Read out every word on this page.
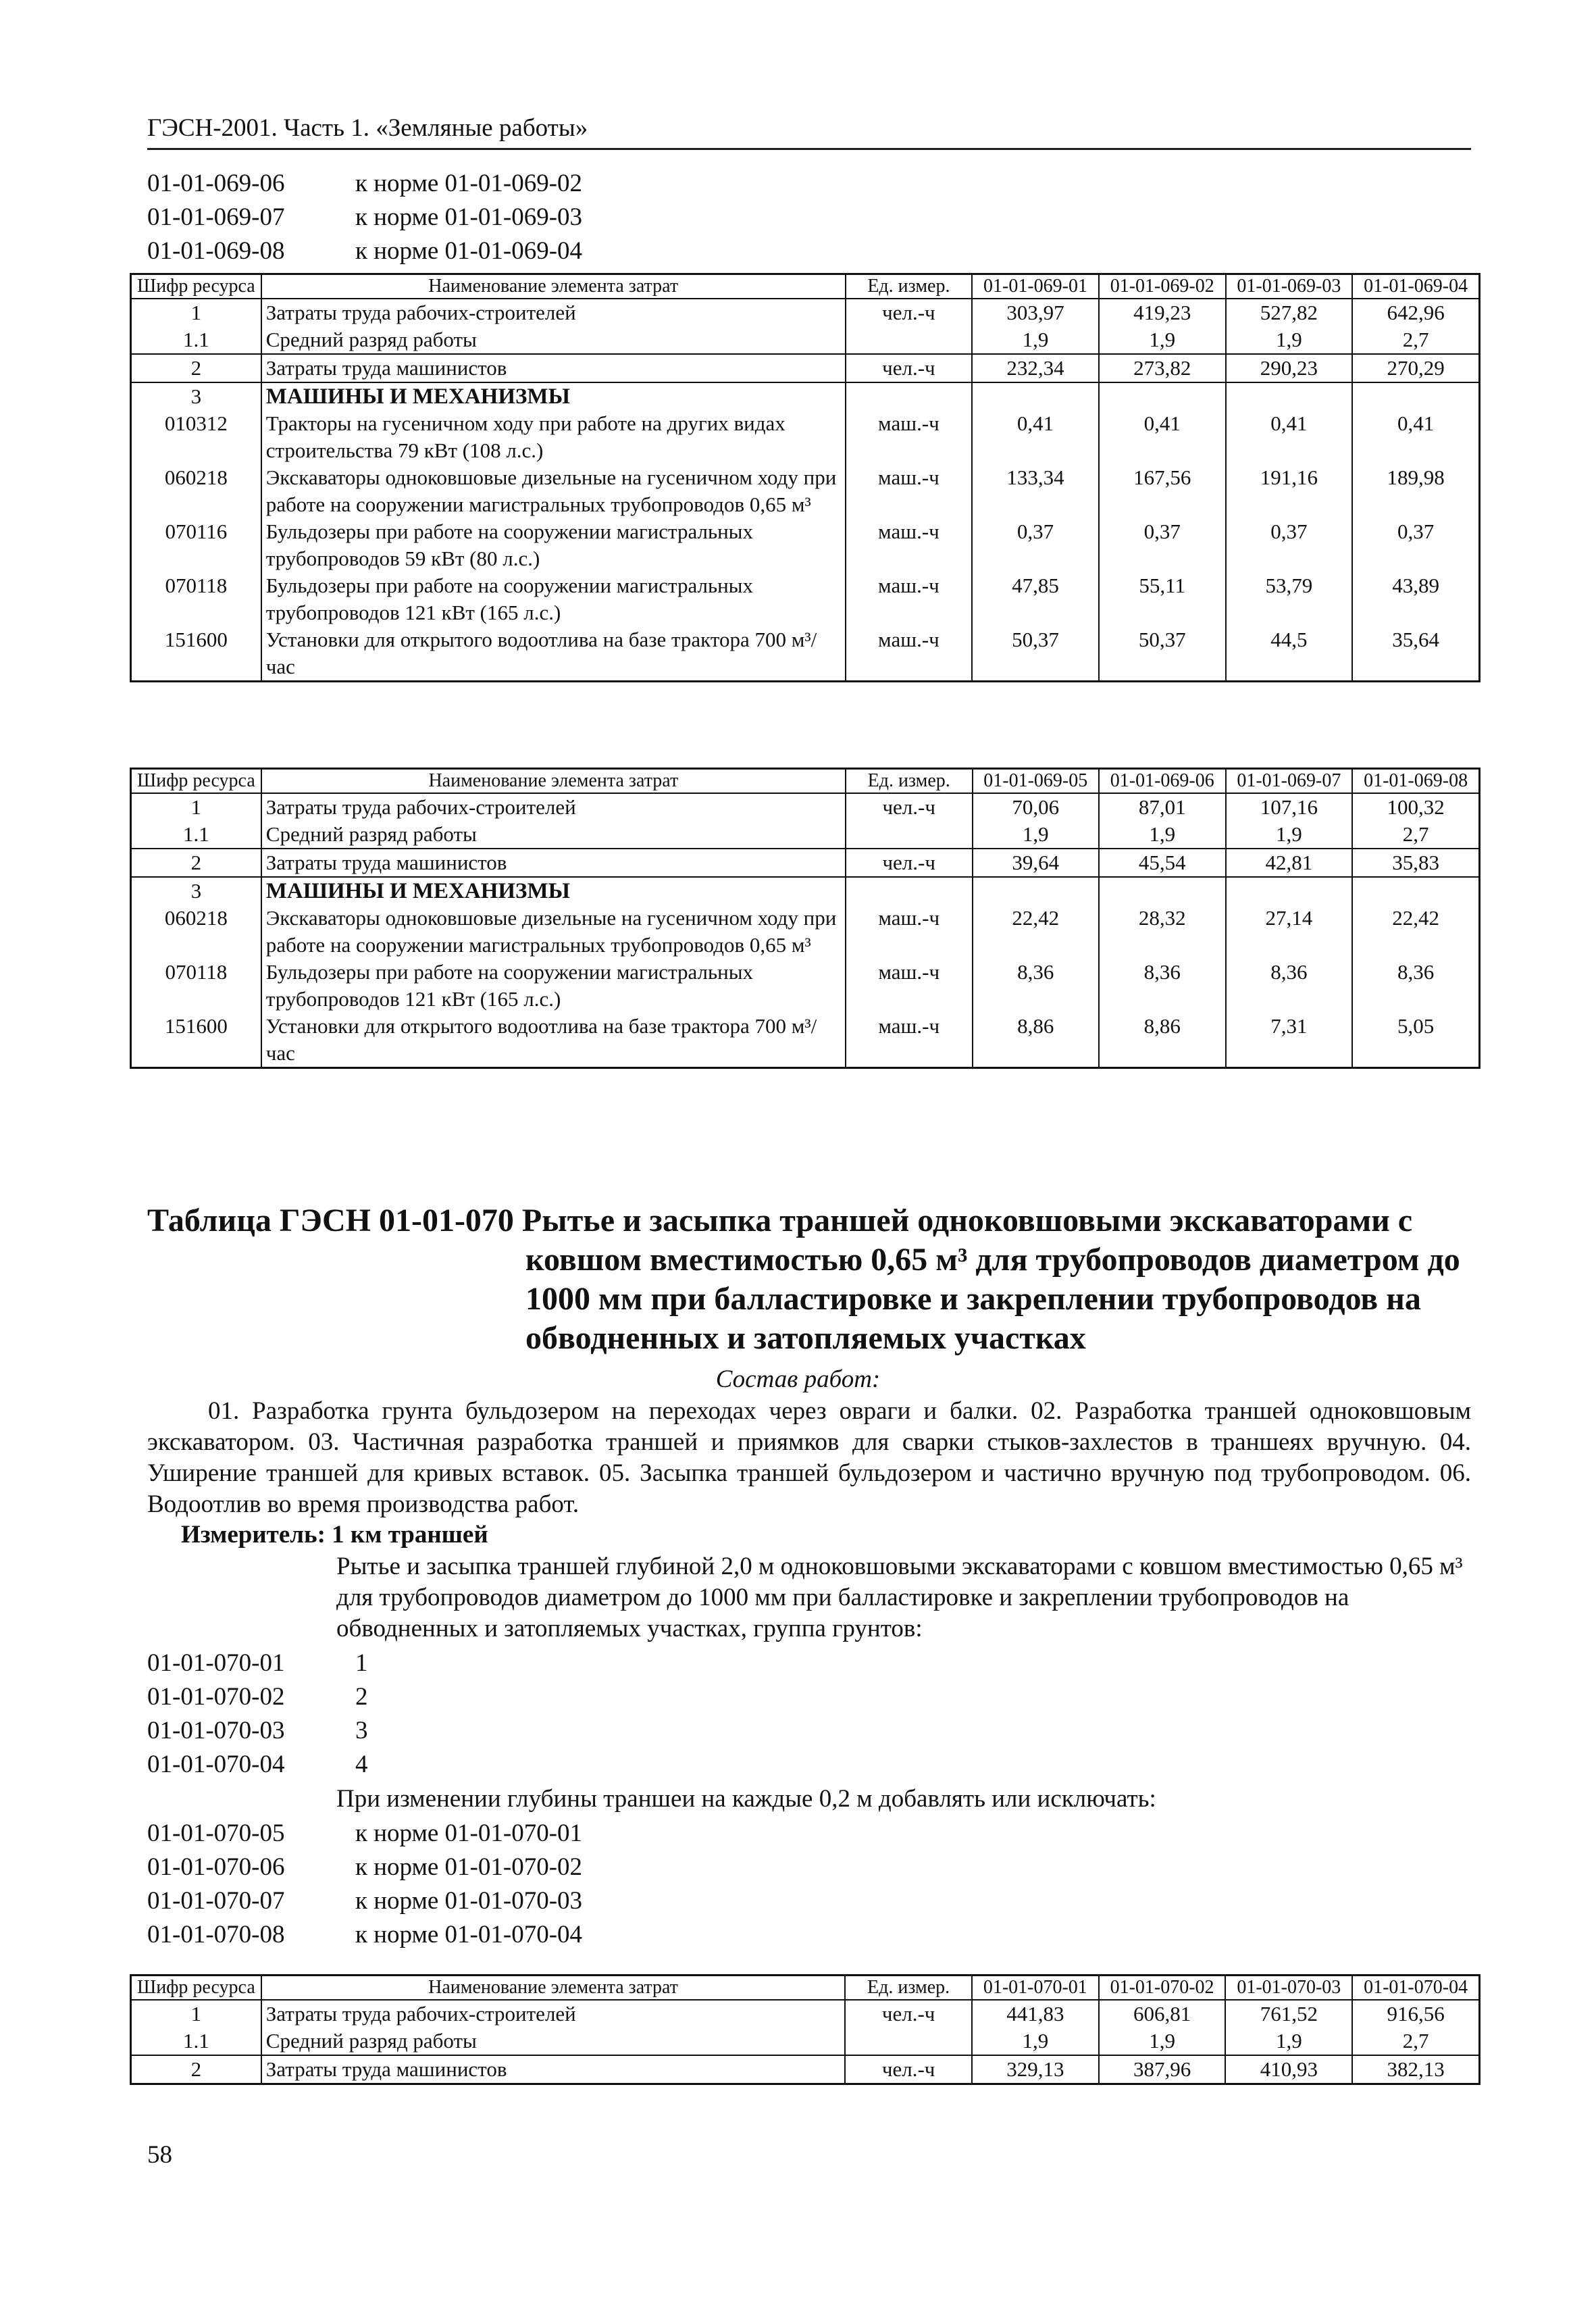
ГЭСН-2001. Часть 1. «Земляные работы»
01-01-069-06	к норме 01-01-069-02
01-01-069-07	к норме 01-01-069-03
01-01-069-08	к норме 01-01-069-04
Шифр ресурса	Наименование элемента затрат	Ед. измер.	01-01-069-01	01-01-069-02	01-01-069-03	01-01-069-04
1	Затраты труда рабочих-строителей	чел.-ч	303,97	419,23	527,82	642,96
1.1	Средний разряд работы		1,9	1,9	1,9	2,7
2	Затраты труда машинистов	чел.-ч	232,34	273,82	290,23	270,29
3	МАШИНЫ И МЕХАНИЗМЫ					
010312	Тракторы на гусеничном ходу при работе на других видах строительства 79 кВт (108 л.с.)	маш.-ч	0,41	0,41	0,41	0,41
060218	Экскаваторы одноковшовые дизельные на гусеничном ходу при работе на сооружении магистральных трубопроводов 0,65 м³	маш.-ч	133,34	167,56	191,16	189,98
070116	Бульдозеры при работе на сооружении магистральных трубопроводов 59 кВт (80 л.с.)	маш.-ч	0,37	0,37	0,37	0,37
070118	Бульдозеры при работе на сооружении магистральных трубопроводов 121 кВт (165 л.с.)	маш.-ч	47,85	55,11	53,79	43,89
151600	Установки для открытого водоотлива на базе трактора 700 м³/час	маш.-ч	50,37	50,37	44,5	35,64
Шифр ресурса	Наименование элемента затрат	Ед. измер.	01-01-069-05	01-01-069-06	01-01-069-07	01-01-069-08
1	Затраты труда рабочих-строителей	чел.-ч	70,06	87,01	107,16	100,32
1.1	Средний разряд работы		1,9	1,9	1,9	2,7
2	Затраты труда машинистов	чел.-ч	39,64	45,54	42,81	35,83
3	МАШИНЫ И МЕХАНИЗМЫ					
060218	Экскаваторы одноковшовые дизельные на гусеничном ходу при работе на сооружении магистральных трубопроводов 0,65 м³	маш.-ч	22,42	28,32	27,14	22,42
070118	Бульдозеры при работе на сооружении магистральных трубопроводов 121 кВт (165 л.с.)	маш.-ч	8,36	8,36	8,36	8,36
151600	Установки для открытого водоотлива на базе трактора 700 м³/час	маш.-ч	8,86	8,86	7,31	5,05
Таблица ГЭСН 01-01-070 Рытье и засыпка траншей одноковшовыми экскаваторами с
ковшом вместимостью 0,65 м³ для трубопроводов диаметром до 1000 мм при балластировке и закреплении трубопроводов на обводненных и затопляемых участках
Состав работ:
01. Разработка грунта бульдозером на переходах через овраги и балки. 02. Разработка траншей одноковшовым экскаватором. 03. Частичная разработка траншей и приямков для сварки стыков-захлестов в траншеях вручную. 04. Уширение траншей для кривых вставок. 05. Засыпка траншей бульдозером и частично вручную под трубопроводом. 06. Водоотлив во время производства работ.
Измеритель: 1 км траншей
Рытье и засыпка траншей глубиной 2,0 м одноковшовыми экскаваторами с ковшом вместимостью 0,65 м³ для трубопроводов диаметром до 1000 мм при балластировке и закреплении трубопроводов на обводненных и затопляемых участках, группа грунтов:
01-01-070-01	1
01-01-070-02	2
01-01-070-03	3
01-01-070-04	4
При изменении глубины траншеи на каждые 0,2 м добавлять или исключать:
01-01-070-05	к норме 01-01-070-01
01-01-070-06	к норме 01-01-070-02
01-01-070-07	к норме 01-01-070-03
01-01-070-08	к норме 01-01-070-04
Шифр ресурса	Наименование элемента затрат	Ед. измер.	01-01-070-01	01-01-070-02	01-01-070-03	01-01-070-04
1	Затраты труда рабочих-строителей	чел.-ч	441,83	606,81	761,52	916,56
1.1	Средний разряд работы		1,9	1,9	1,9	2,7
2	Затраты труда машинистов	чел.-ч	329,13	387,96	410,93	382,13
58
